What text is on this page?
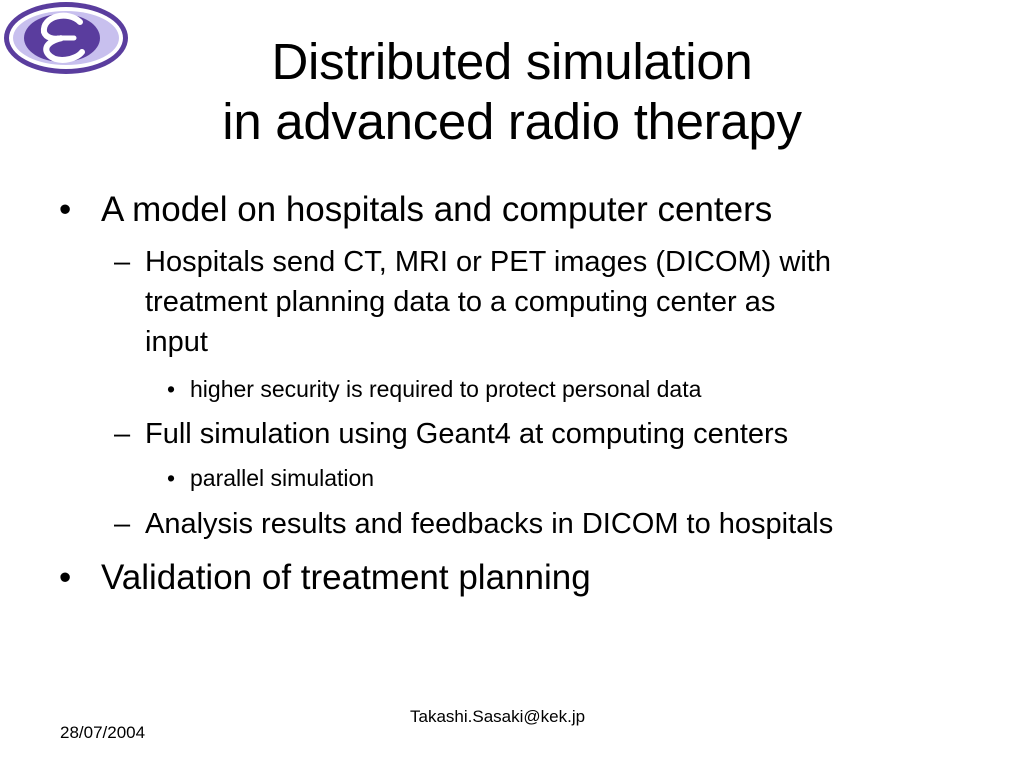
Distributed simulation
in advanced radio therapy
• A model on hospitals and computer centers
– Hospitals send CT, MRI or PET images (DICOM) with
treatment planning data to a computing center as
input
• higher security is required to protect personal data
– Full simulation using Geant4 at computing centers
• parallel simulation
– Analysis results and feedbacks in DICOM to hospitals
• Validation of treatment planning
28/07/2004
Takashi.Sasaki@kek.jp
